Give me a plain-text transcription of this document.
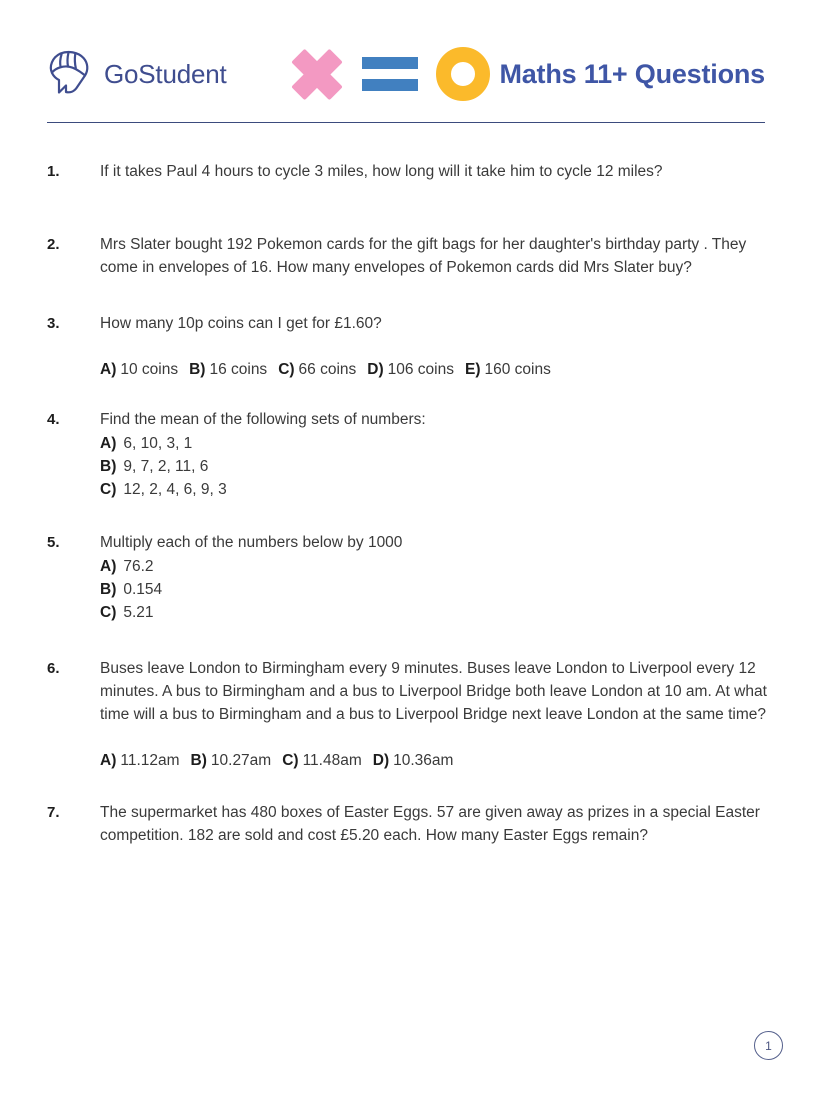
GoStudent	Maths 11+ Questions
1.	If it takes Paul 4 hours to cycle 3 miles, how long will it take him to cycle 12 miles?
2.	Mrs Slater bought 192 Pokemon cards for the gift bags for her daughter's birthday party . They come in envelopes of 16. How many envelopes of Pokemon cards did Mrs Slater buy?
3.	How many 10p coins can I get for £1.60?
A) 10 coins B) 16 coins C) 66 coins D) 106 coins E) 160 coins
4.	Find the mean of the following sets of numbers:
A) 6, 10, 3, 1
B) 9, 7, 2, 11, 6
C) 12, 2, 4, 6, 9, 3
5.	Multiply each of the numbers below by 1000
A) 76.2
B) 0.154
C) 5.21
6.	Buses leave London to Birmingham every 9 minutes. Buses leave London to Liverpool every 12 minutes. A bus to Birmingham and a bus to Liverpool Bridge both leave London at 10 am. At what time will a bus to Birmingham and a bus to Liverpool Bridge next leave London at the same time?
A) 11.12am B) 10.27am C) 11.48am D) 10.36am
7.	The supermarket has 480 boxes of Easter Eggs. 57 are given away as prizes in a special Easter competition. 182 are sold and cost £5.20 each. How many Easter Eggs remain?
1
